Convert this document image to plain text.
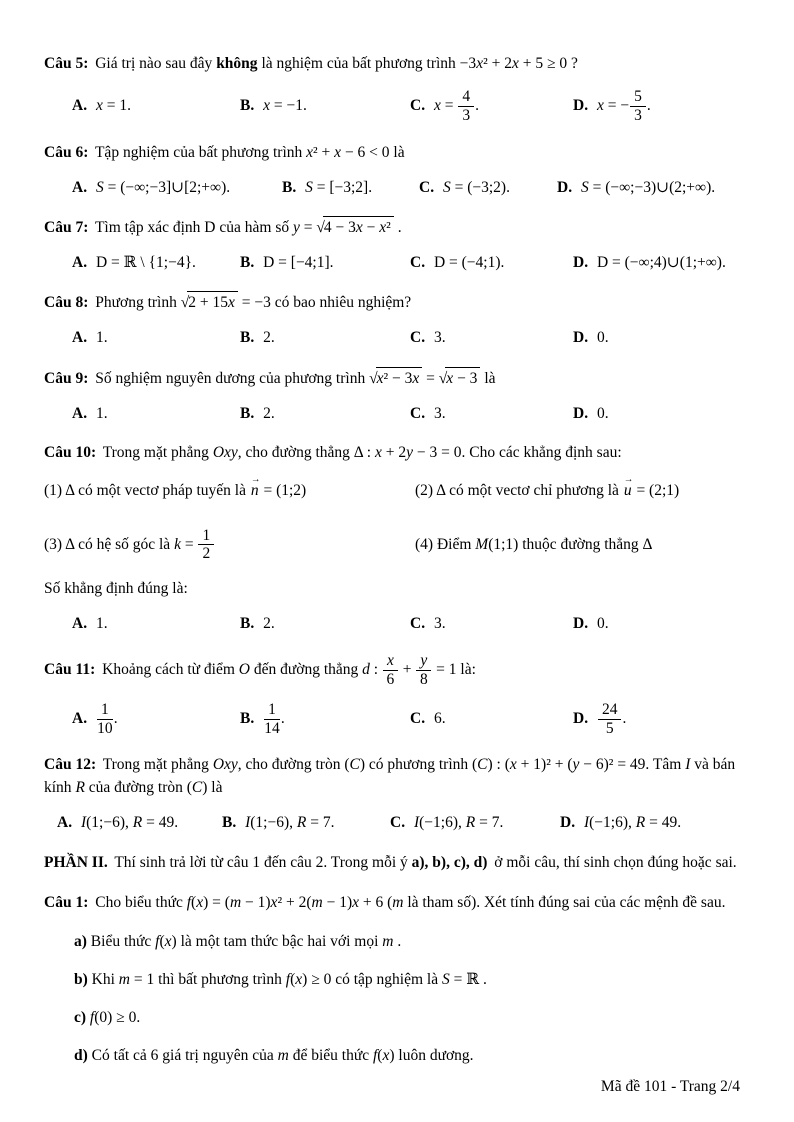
Câu 5: Giá trị nào sau đây không là nghiệm của bất phương trình −3x² + 2x + 5 ≥ 0 ?

A. x = 1.	B. x = −1.	C. $x = \frac{4}{3}$ .	D. x = − $\frac{5}{3}$ .

Câu 6: Tập nghiệm của bất phương trình x² + x − 6 < 0 là

A. S = (−∞;−3]∪[2;+∞).	B. S = [−3;2].	C. S = (−3;2).	D. S = (−∞;−3)∪(2;+∞).

Câu 7: Tìm tập xác định D của hàm số y = √4 − 3x − x² .

A. D = ℝ \ {1;−4}.	B. D = [−4;1].	C. D = (−4;1).	D. D = (−∞;4)∪(1;+∞).

Câu 8: Phương trình √2 + 15x = −3 có bao nhiêu nghiệm?

A. 1.	B. 2.	C. 3.	D. 0.

Câu 9: Số nghiệm nguyên dương của phương trình √x² − 3x = √x − 3 là

A. 1.	B. 2.	C. 3.	D. 0.

Câu 10: Trong mặt phẳng Oxy, cho đường thẳng Δ : x + 2y − 3 = 0. Cho các khẳng định sau:

(1) Δ có một vectơ pháp tuyến là → n = (1;2)	(2) Δ có một vectơ chỉ phương là → u = (2;1)
(3) Δ có hệ số góc là $k = \frac{1}{2}$	(4) Điểm M(1;1) thuộc đường thẳng Δ

Số khẳng định đúng là:

A. 1.	B. 2.	C. 3.	D. 0.

Câu 11: Khoảng cách từ điểm O đến đường thẳng d : $\frac{x}{6} + \frac{y}{8} = 1$ là:

A. $\frac{1}{10}$ .	B. $\frac{1}{14}$ .	C. 6.	D. $\frac{24}{5}$ .

Câu 12: Trong mặt phẳng Oxy, cho đường tròn (C) có phương trình (C) : (x + 1)² + (y − 6)² = 49. Tâm I và bán kính R của đường tròn (C) là

A. I(1;−6), R = 49.	B. I(1;−6), R = 7.	C. I(−1;6), R = 7.	D. I(−1;6), R = 49.

PHẦN II. Thí sinh trả lời từ câu 1 đến câu 2. Trong mỗi ý a), b), c), d) ở mỗi câu, thí sinh chọn đúng hoặc sai.

Câu 1: Cho biểu thức f(x) = (m − 1)x² + 2(m − 1)x + 6 (m là tham số). Xét tính đúng sai của các mệnh đề sau.

a) Biểu thức f(x) là một tam thức bậc hai với mọi m .
b) Khi m = 1 thì bất phương trình f(x) ≥ 0 có tập nghiệm là S = ℝ .
c) f(0) ≥ 0.
d) Có tất cả 6 giá trị nguyên của m để biểu thức f(x) luôn dương.
Mã đề 101 - Trang 2/4
